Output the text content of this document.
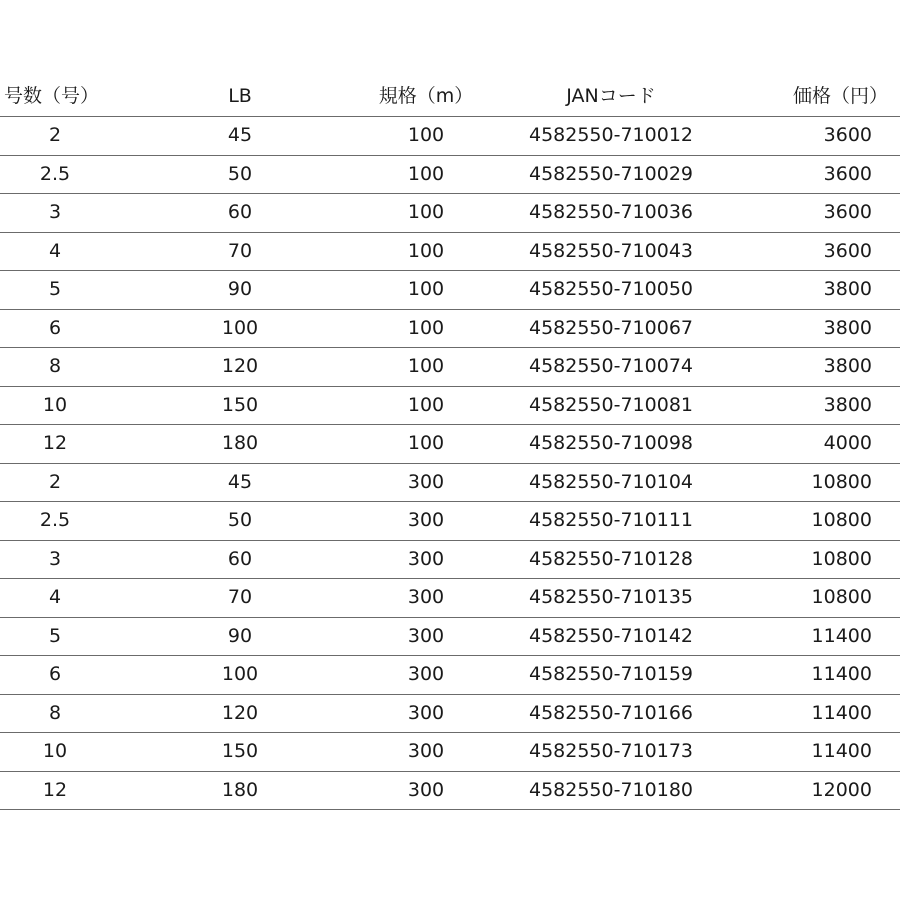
号数（号）	LB	規格（m）	JANコード	価格（円）
2	45	100	4582550-710012	3600
2.5	50	100	4582550-710029	3600
3	60	100	4582550-710036	3600
4	70	100	4582550-710043	3600
5	90	100	4582550-710050	3800
6	100	100	4582550-710067	3800
8	120	100	4582550-710074	3800
10	150	100	4582550-710081	3800
12	180	100	4582550-710098	4000
2	45	300	4582550-710104	10800
2.5	50	300	4582550-710111	10800
3	60	300	4582550-710128	10800
4	70	300	4582550-710135	10800
5	90	300	4582550-710142	11400
6	100	300	4582550-710159	11400
8	120	300	4582550-710166	11400
10	150	300	4582550-710173	11400
12	180	300	4582550-710180	12000
